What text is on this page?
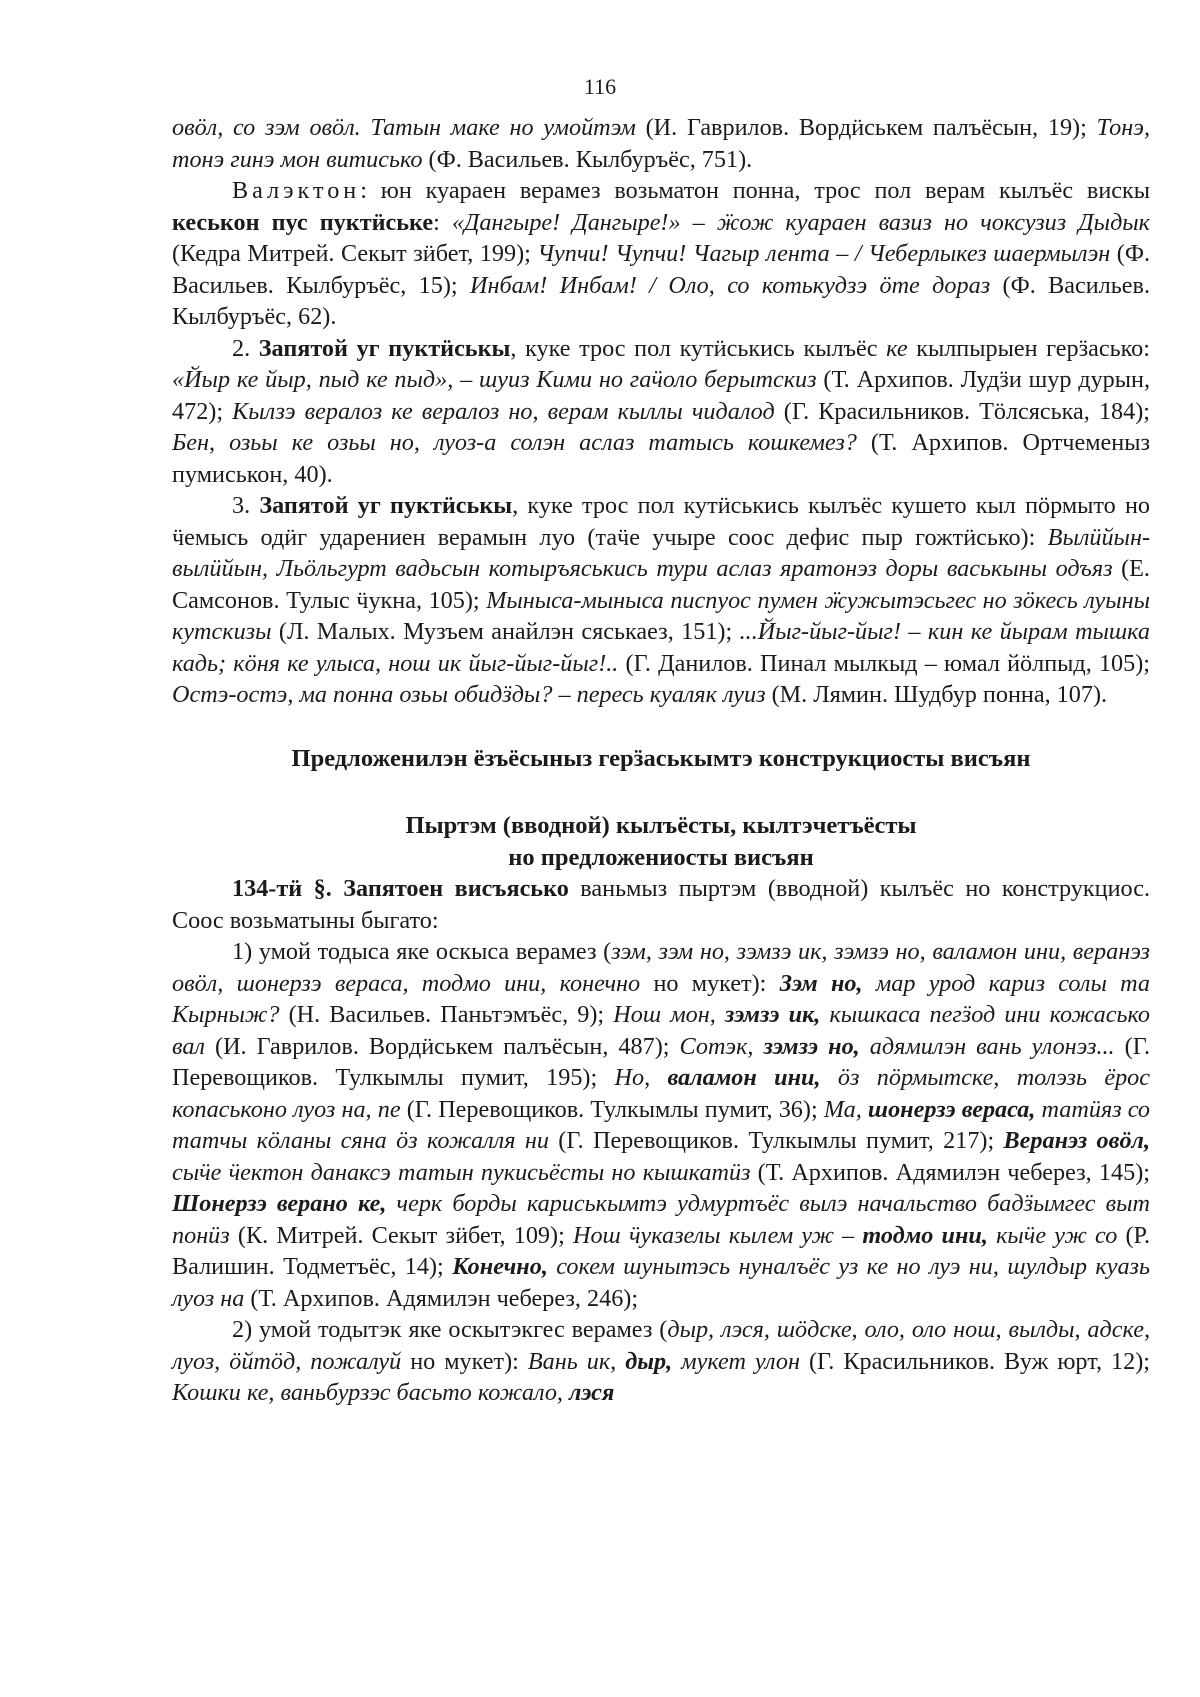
116

овӧл, со зэм овӧл. Татын маке но умойтэм (И. Гаврилов. Вордӥськем палъёсын, 19); Тонэ, тонэ гинэ мон витисько (Ф. Васильев. Кылбуръёс, 751).

Валэктон: юн куараен верамез возьматон понна, трос пол верам кылъёс вискы кеськон пус пуктӥське: «Дангыре! Дангыре!» – ӝож куараен вазиз но чоксузиз Дыдык (Кедра Митрей. Секыт зӥбет, 199); Чупчи! Чупчи! Чагыр лента – / Чеберлыкез шаермылэн (Ф. Васильев. Кылбуръёс, 15); Инбам! Инбам! / Оло, со котькудзэ ӧте дораз (Ф. Васильев. Кылбуръёс, 62).

2. Запятой уг пуктӥськы, куке трос пол кутӥськись кылъёс ке кылпырыен герӟасько: «Йыр ке йыр, пыд ке пыд», – шуиз Кими но гаӵоло берытскиз (Т. Архипов. Лудӟи шур дурын, 472); Кылзэ вералоз ке вералоз но, верам кыллы чидалод (Г. Красильников. Тӧлсяська, 184); Бен, озьы ке озьы но, луоз-а солэн аслаз татысь кошкемез? (Т. Архипов. Ортчеменыз пумиськон, 40).

3. Запятой уг пуктӥськы, куке трос пол кутӥськись кылъёс кушето кыл пӧрмыто но ӵемысь одӥг ударениен верамын луо (таӵе учыре соос дефис пыр гожтӥсько): Вылӥйын-вылӥйын, Льӧльгурт вадьсын котыръяськись тури аслаз яратонэз доры васькыны одъяз (Е. Самсонов. Тулыс ӵукна, 105); Мыныса-мыныса писпуос пумен ӝужытэсьгес но зӧкесь луыны кутскизы (Л. Малых. Музъем анайлэн сяськаез, 151); ...Йыг-йыг-йыг! – кин ке йырам тышка кадь; кӧня ке улыса, нош ик йыг-йыг-йыг!.. (Г. Данилов. Пинал мылкыд – юмал йӧлпыд, 105); Остэ-остэ, ма понна озьы обидӟды? – пересь куаляк луиз (М. Лямин. Шудбур понна, 107).

Предложенилэн ёзъёсыныз герӟаськымтэ конструкциосты висъян
Пыртэм (вводной) кылъёсты, кылтэчетъёсты
но предложениосты висъян

134-тӥ §. Запятоен висъясько ваньмыз пыртэм (вводной) кылъёс но конструкциос. Соос возьматыны быгато:

1) умой тодыса яке оскыса верамез (зэм, зэм но, зэмзэ ик, зэмзэ но, валамон ини, веранэз овӧл, шонерзэ вераса, тодмо ини, конечно но мукет): Зэм но, мар урод кариз солы та Кырныж? (Н. Васильев. Паньтэмъёс, 9); Нош мон, зэмзэ ик, кышкаса пегӟод ини кожасько вал (И. Гаврилов. Вордӥськем палъёсын, 487); Сотэк, зэмзэ но, адямилэн вань улонэз... (Г. Перевощиков. Тулкымлы пумит, 195); Но, валамон ини, ӧз пӧрмытске, толэзь ёрос копаськоно луоз на, пе (Г. Перевощиков. Тулкымлы пумит, 36); Ма, шонерзэ вераса, татӥяз со татчы кӧланы сяна ӧз кожалля ни (Г. Перевощиков. Тулкымлы пумит, 217); Веранэз овӧл, сыӵе ӵектон данаксэ татын пукисьёсты но кышкатӥз (Т. Архипов. Адямилэн чеберез, 145); Шонерзэ верано ке, черк борды кариськымтэ удмуртъёс вылэ начальство бадӟымгес выт понӥз (К. Митрей. Секыт зӥбет, 109); Нош ӵуказелы кылем уж – тодмо ини, кыӵе уж со (Р. Валишин. Тодметъёс, 14); Конечно, сокем шунытэсь нуналъёс уз ке но луэ ни, шулдыр куазь луоз на (Т. Архипов. Адямилэн чеберез, 246);

2) умой тодытэк яке оскытэкгес верамез (дыр, лэся, шӧдске, оло, оло нош, вылды, адске, луоз, ӧйтӧд, пожалуй но мукет): Вань ик, дыр, мукет улон (Г. Красильников. Вуж юрт, 12); Кошки ке, ваньбурзэс басьто кожало, лэся
